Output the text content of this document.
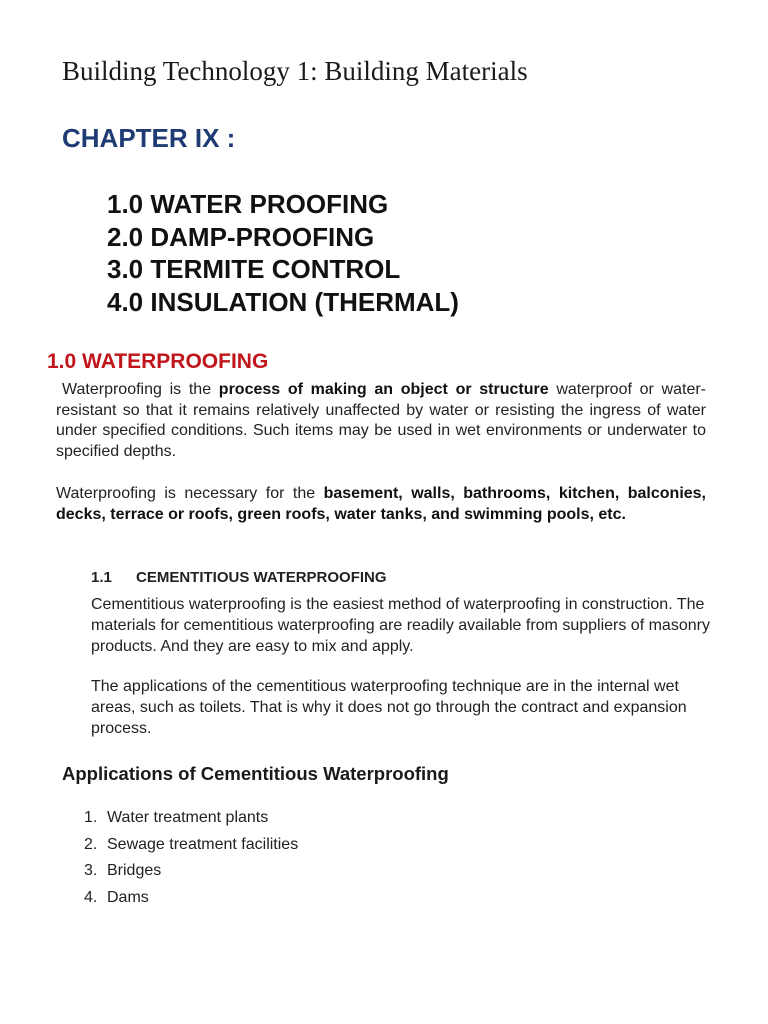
Building Technology 1: Building Materials
CHAPTER IX :
1.0 WATER PROOFING
2.0 DAMP-PROOFING
3.0 TERMITE CONTROL
4.0 INSULATION (THERMAL)
1.0 WATERPROOFING

Waterproofing is the process of making an object or structure waterproof or water-resistant so that it remains relatively unaffected by water or resisting the ingress of water under specified conditions. Such items may be used in wet environments or underwater to specified depths.

Waterproofing is necessary for the basement, walls, bathrooms, kitchen, balconies, decks, terrace or roofs, green roofs, water tanks, and swimming pools, etc.

1.1 CEMENTITIOUS WATERPROOFING

Cementitious waterproofing is the easiest method of waterproofing in construction. The materials for cementitious waterproofing are readily available from suppliers of masonry products. And they are easy to mix and apply.

The applications of the cementitious waterproofing technique are in the internal wet areas, such as toilets. That is why it does not go through the contract and expansion process.

Applications of Cementitious Waterproofing
1. Water treatment plants
2. Sewage treatment facilities
3. Bridges
4. Dams
